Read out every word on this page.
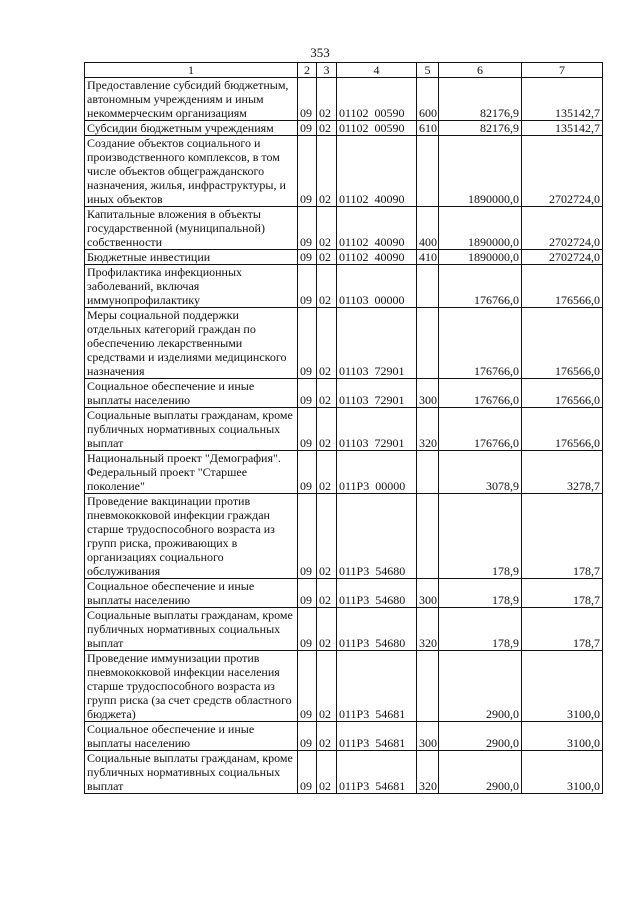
353
1	2	3	4	5	6	7
Предоставление субсидий бюджетным, автономным учреждениям и иным некоммерческим организациям	09	02	01102  00590	600	82176,9	135142,7
Субсидии бюджетным учреждениям	09	02	01102  00590	610	82176,9	135142,7
Создание объектов социального и производственного комплексов, в том числе объектов общегражданского назначения, жилья, инфраструктуры, и иных объектов	09	02	01102  40090		1890000,0	2702724,0
Капитальные вложения в объекты государственной (муниципальной) собственности	09	02	01102  40090	400	1890000,0	2702724,0
Бюджетные инвестиции	09	02	01102  40090	410	1890000,0	2702724,0
Профилактика инфекционных заболеваний, включая иммунопрофилактику	09	02	01103  00000		176766,0	176566,0
Меры социальной поддержки отдельных категорий граждан по обеспечению лекарственными средствами и изделиями медицинского назначения	09	02	01103  72901		176766,0	176566,0
Социальное обеспечение и иные выплаты населению	09	02	01103  72901	300	176766,0	176566,0
Социальные выплаты гражданам, кроме публичных нормативных социальных выплат	09	02	01103  72901	320	176766,0	176566,0
Национальный проект "Демография". Федеральный проект "Старшее поколение"	09	02	011P3  00000		3078,9	3278,7
Проведение вакцинации против пневмококковой инфекции граждан старше трудоспособного возраста из групп риска, проживающих в организациях социального обслуживания	09	02	011P3  54680		178,9	178,7
Социальное обеспечение и иные выплаты населению	09	02	011P3  54680	300	178,9	178,7
Социальные выплаты гражданам, кроме публичных нормативных социальных выплат	09	02	011P3  54680	320	178,9	178,7
Проведение иммунизации против пневмококковой инфекции населения старше трудоспособного возраста из групп риска (за счет средств областного бюджета)	09	02	011P3  54681		2900,0	3100,0
Социальное обеспечение и иные выплаты населению	09	02	011P3  54681	300	2900,0	3100,0
Социальные выплаты гражданам, кроме публичных нормативных социальных выплат	09	02	011P3  54681	320	2900,0	3100,0
